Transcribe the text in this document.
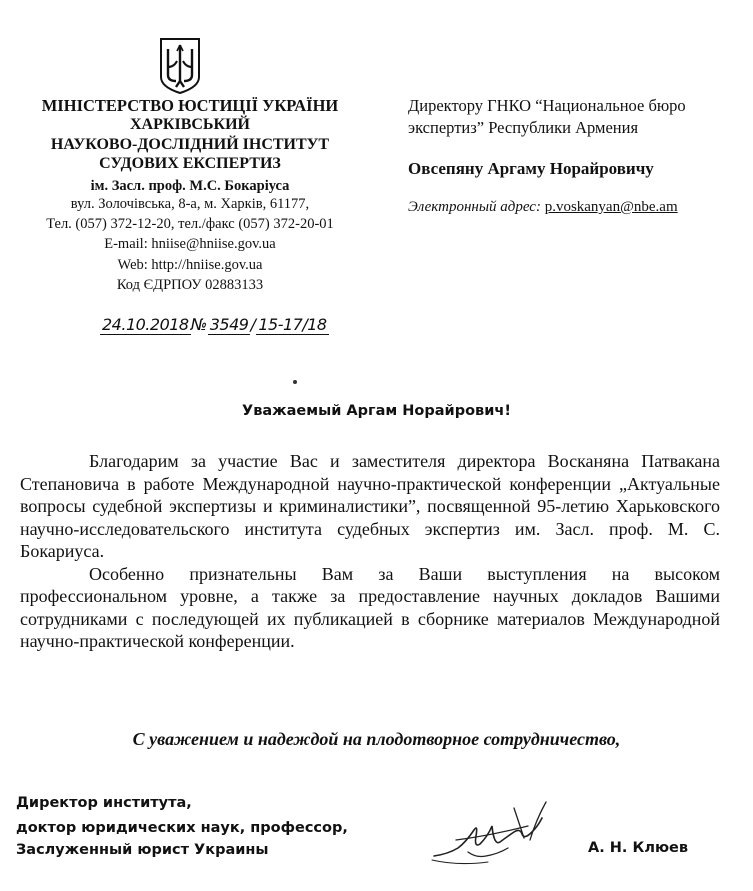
МІНІСТЕРСТВО ЮСТИЦІЇ УКРАЇНИ
ХАРКІВСЬКИЙ
НАУКОВО-ДОСЛІДНИЙ ІНСТИТУТ
СУДОВИХ ЕКСПЕРТИЗ
ім. Засл. проф. М.С. Бокаріуса
вул. Золочівська, 8-а, м. Харків, 61177,
Тел. (057) 372-12-20, тел./факс (057) 372-20-01
E-mail: hniise@hniise.gov.ua
Web: http://hniise.gov.ua
Код ЄДРПОУ 02883133
24.10.2018 № 3549 / 15-17/18
Директору ГНКО “Национальное бюро
экспертиз” Республики Армения
Овсепяну Аргаму Норайровичу
Электронный адрес: p.voskanyan@nbe.am
Уважаемый Аргам Норайрович!

Благодарим за участие Вас и заместителя директора Восканяна Патвакана Степановича в работе Международной научно-практической конференции „Актуальные вопросы судебной экспертизы и криминалистики”, посвященной 95-летию Харьковского научно-исследовательского института судебных экспертиз им. Засл. проф. М. С. Бокариуса.

Особенно признательны Вам за Ваши выступления на высоком профессиональном уровне, а также за предоставление научных докладов Вашими сотрудниками с последующей их публикацией в сборнике материалов Международной научно-практической конференции.

С уважением и надеждой на плодотворное сотрудничество,
Директор института,
доктор юридических наук, профессор,
Заслуженный юрист Украины	А. Н. Клюев
